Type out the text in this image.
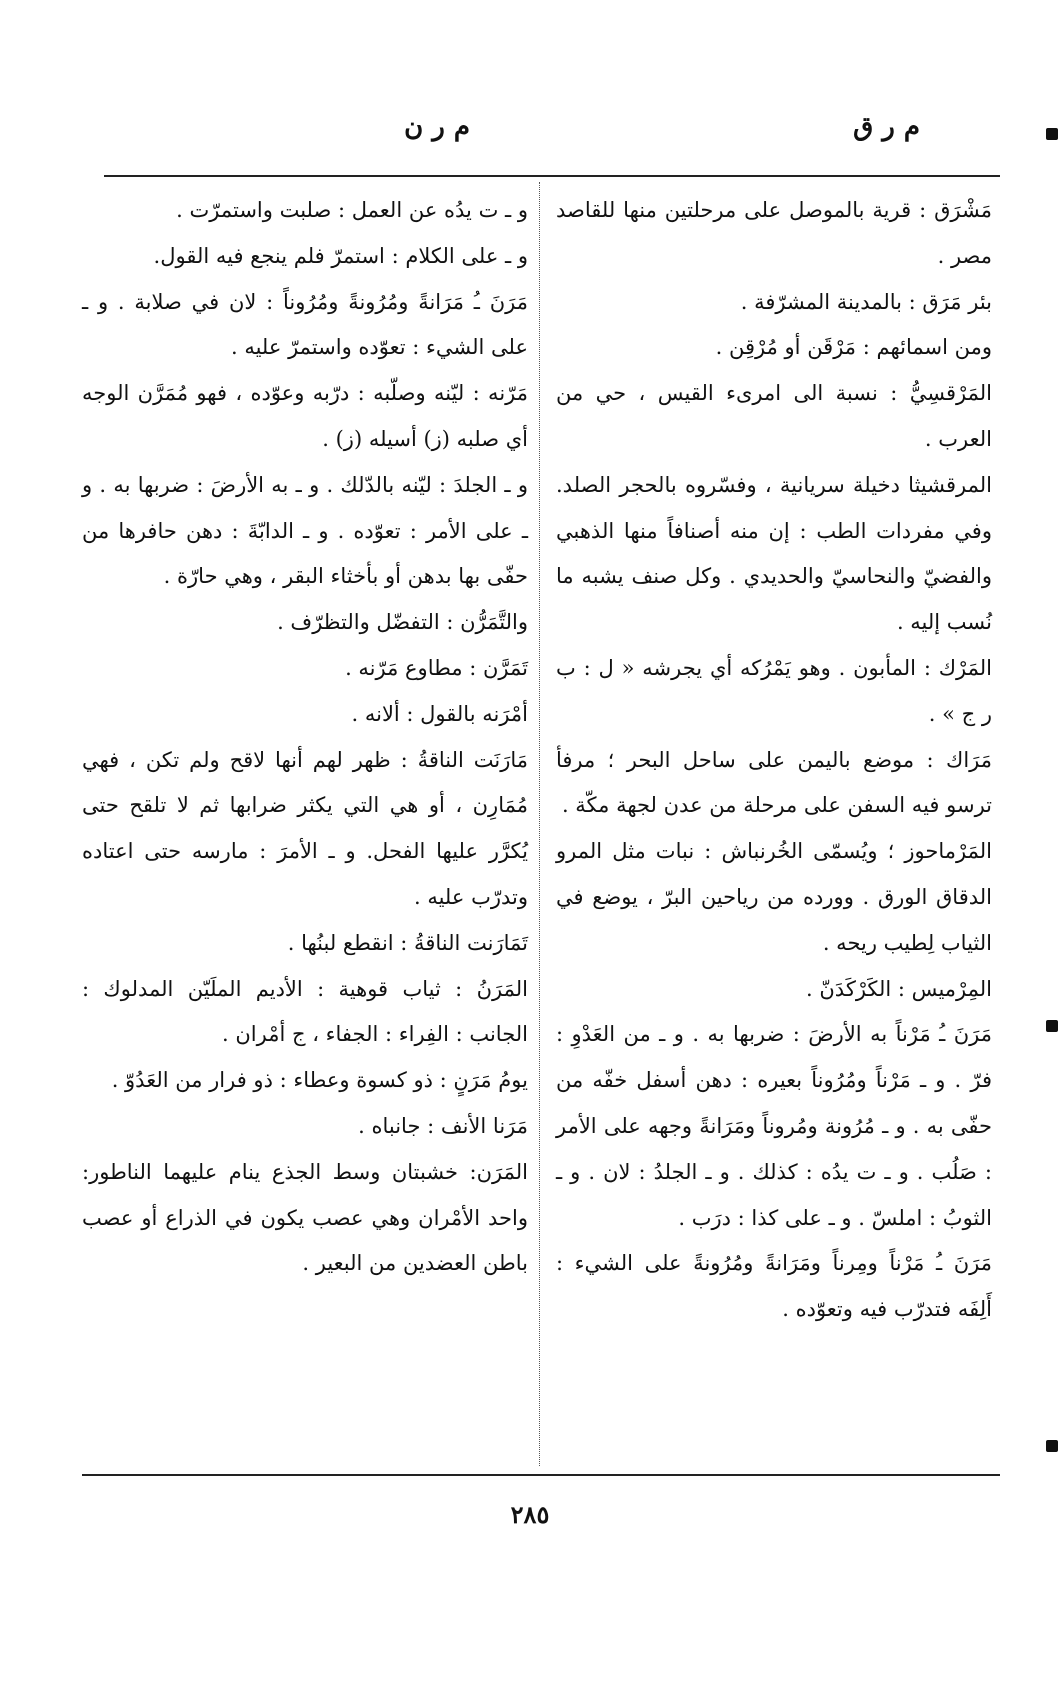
م ر ق
م ر ن

مَشْرَق : قرية بالموصل على مرحلتين منها للقاصد مصر .

بئر مَرَق : بالمدينة المشرّفة .

ومن اسمائهم : مَرْقَن أو مُرْقِن .

المَرْقسِيُّ : نسبة الى امرىء القيس ، حي من العرب .

المرقشيثا دخيلة سريانية ، وفسّروه بالحجر الصلد. وفي مفردات الطب : إن منه أصنافاً منها الذهبي والفضيّ والنحاسيّ والحديدي . وكل صنف يشبه ما نُسب إليه .

المَرْك : المأبون . وهو يَمْرُكه أي يجرشه « ل : ب ر ج » .

مَرَاك : موضع باليمن على ساحل البحر ؛ مرفأ ترسو فيه السفن على مرحلة من عدن لجهة مكّة .

المَرْماحوز ؛ ويُسمّى الخُرنباش : نبات مثل المرو الدقاق الورق . وورده من رياحين البرّ ، يوضع في الثياب لِطيب ريحه .

المِرْميس : الكَرْكَدَنّ .

مَرَنَ ـُ مَرْناً به الأرضَ : ضربها به . و ـ من العَدْوِ : فرّ . و ـ مَرْناً ومُرُوناً بعيره : دهن أسفل خفّه من حفّى به . و ـ مُرُونة ومُروناً ومَرَانةً وجهه على الأمر : صَلُب . و ـ ت يدُه : كذلك . و ـ الجلدُ : لان . و ـ الثوبُ : املسّ . و ـ على كذا : درَب .

مَرَنَ ـُ مَرْناً ومِرناً ومَرَانةً ومُرُونةً على الشيء : أَلِفَه فتدرّب فيه وتعوّده .

و ـ ت يدُه عن العمل : صلبت واستمرّت .

و ـ على الكلام : استمرّ فلم ينجع فيه القول.

مَرَنَ ـُ مَرَانةً ومُرُونةً ومُرُوناً : لان في صلابة . و ـ على الشيء : تعوّده واستمرّ عليه .

مَرّنه : ليّنه وصلّبه : درّبه وعوّده ، فهو مُمَرَّن الوجه أي صلبه (ز) أسيله (ز) .

و ـ الجلدَ : ليّنه بالدّلك . و ـ به الأرضَ : ضربها به . و ـ على الأمر : تعوّده . و ـ الدابّةَ : دهن حافرها من حفّى بها بدهن أو بأخثاء البقر ، وهي حارّة .

والتَّمَرُّن : التفضّل والتظرّف .

تَمَرَّن : مطاوع مَرّنه .

أمْرَنه بالقول : ألانه .

مَارَنَت الناقةُ : ظهر لهم أنها لاقح ولم تكن ، فهي مُمَارِن ، أو هي التي يكثر ضرابها ثم لا تلقح حتى يُكرَّر عليها الفحل. و ـ الأمرَ : مارسه حتى اعتاده وتدرّب عليه .

تَمَارَنت الناقةُ : انقطع لبنُها .

المَرَنُ : ثياب قوهية : الأديم الملَيّن المدلوك : الجانب : الفِراء : الجفاء ، ج أمْران .

يومُ مَرَنٍ : ذو كسوة وعطاء : ذو فرار من العَدُوّ .

مَرَنا الأنف : جانباه .

المَرَن: خشبتان وسط الجذع ينام عليهما الناطور: واحد الأمْران وهي عصب يكون في الذراع أو عصب باطن العضدين من البعير .

٢٨٥
